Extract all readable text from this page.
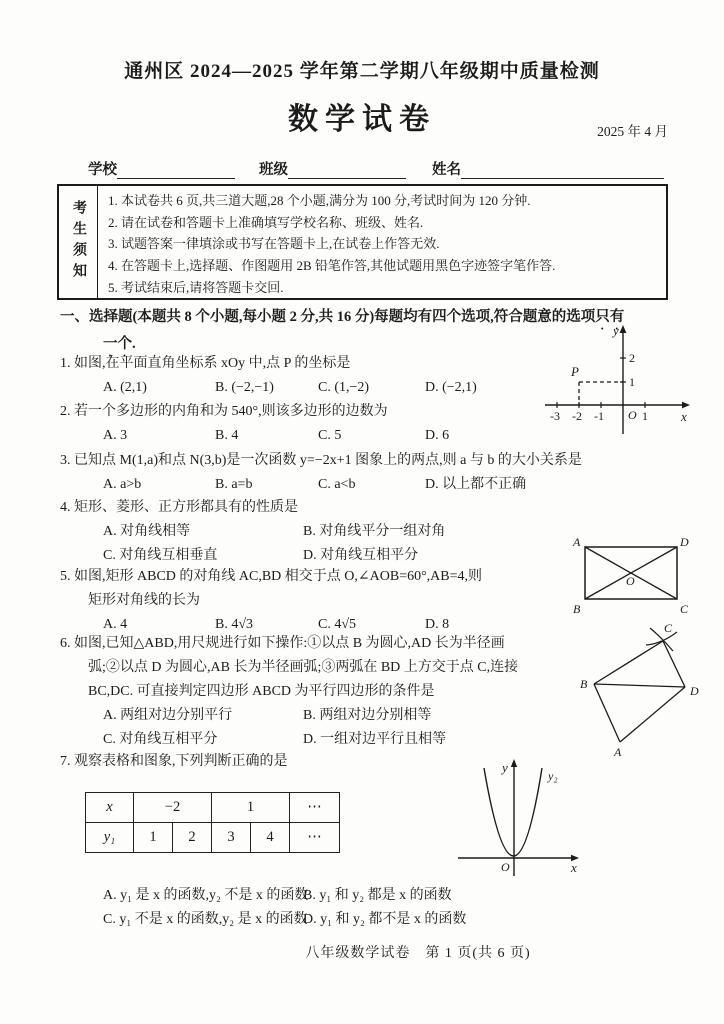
通州区 2024—2025 学年第二学期八年级期中质量检测
数学试卷	2025 年 4 月
学校	班级	姓名
考生须知	1. 本试卷共 6 页,共三道大题,28 个小题,满分为 100 分,考试时间为 120 分钟.
2. 请在试卷和答题卡上准确填写学校名称、班级、姓名.
3. 试题答案一律填涂或书写在答题卡上,在试卷上作答无效.
4. 在答题卡上,选择题、作图题用 2B 铅笔作答,其他试题用黑色字迹签字笔作答.
5. 考试结束后,请将答题卡交回.
一、选择题(本题共 8 个小题,每小题 2 分,共 16 分)每题均有四个选项,符合题意的选项只有
一个.
1. 如图,在平面直角坐标系 xOy 中,点 P 的坐标是
A. (2,1)	B. (−2,−1)	C. (1,−2)	D. (−2,1)
y
x
O
-3 -2 -1	1
1
2
P
2. 若一个多边形的内角和为 540°,则该多边形的边数为
A. 3	B. 4	C. 5	D. 6
3. 已知点 M(1,a)和点 N(3,b)是一次函数 y=−2x+1 图象上的两点,则 a 与 b 的大小关系是
A. a>b	B. a=b	C. a<b	D. 以上都不正确
4. 矩形、菱形、正方形都具有的性质是
A. 对角线相等	B. 对角线平分一组对角
C. 对角线互相垂直	D. 对角线互相平分
5. 如图,矩形 ABCD 的对角线 AC,BD 相交于点 O,∠AOB=60°,AB=4,则
矩形对角线的长为
A. 4	B. 4√3	C. 4√5	D. 8
A	D
B	C
O
6. 如图,已知△ABD,用尺规进行如下操作:①以点 B 为圆心,AD 长为半径画
弧;②以点 D 为圆心,AB 长为半径画弧;③两弧在 BD 上方交于点 C,连接
BC,DC. 可直接判定四边形 ABCD 为平行四边形的条件是
A. 两组对边分别平行	B. 两组对边分别相等
C. 对角线互相平分	D. 一组对边平行且相等
C
B	D
A
7. 观察表格和图象,下列判断正确的是
x	−2		1		⋯
y₁	1	2	3	4	⋯
y
y₂
O	x
A. y₁ 是 x 的函数,y₂ 不是 x 的函数
B. y₁ 和 y₂ 都是 x 的函数
C. y₁ 不是 x 的函数,y₂ 是 x 的函数
D. y₁ 和 y₂ 都不是 x 的函数
八年级数学试卷　第 1 页(共 6 页)
